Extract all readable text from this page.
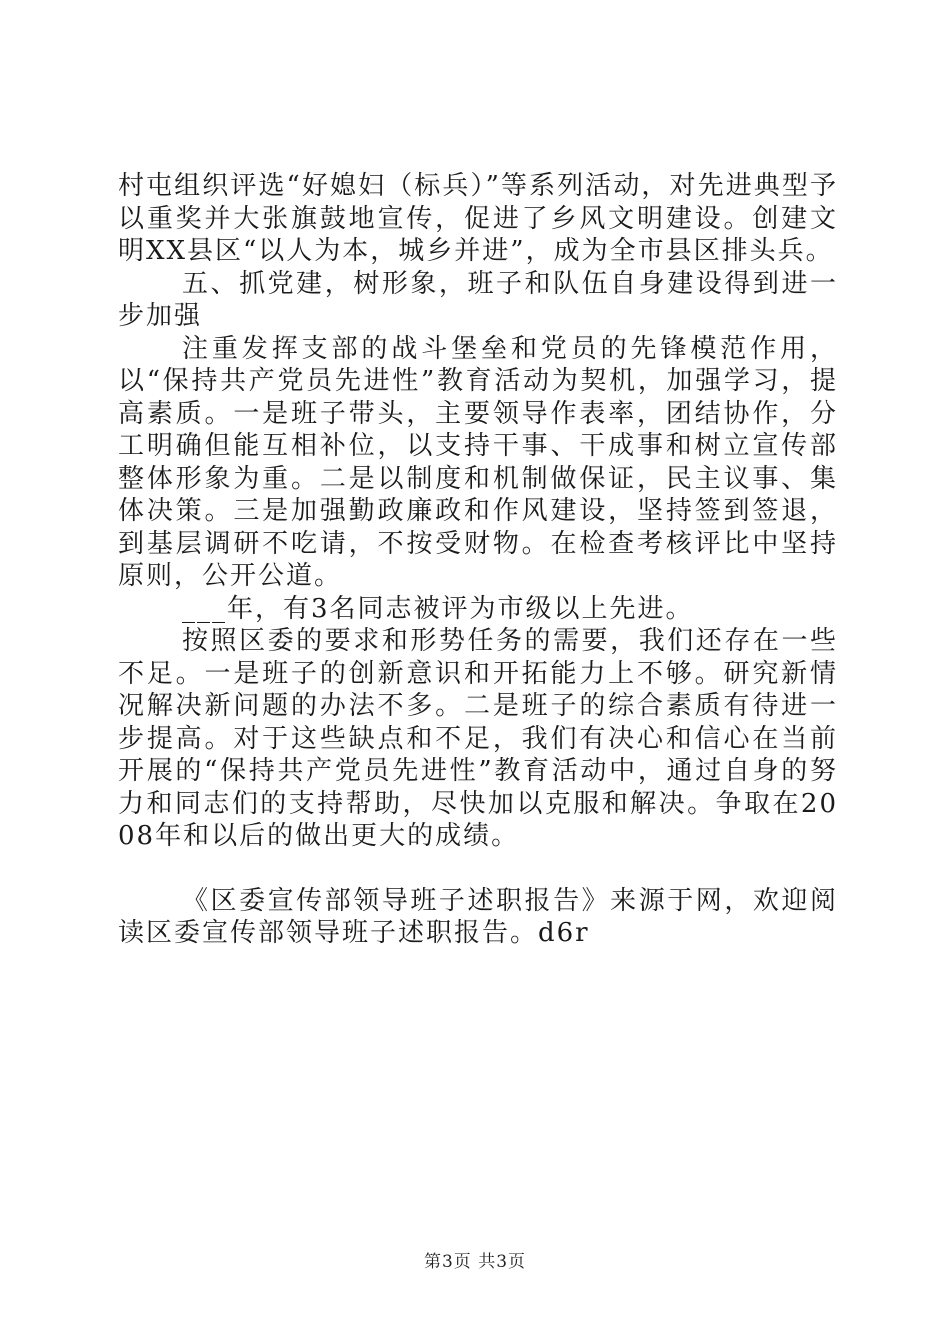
村屯组织评选“好媳妇（标兵）”等系列活动，对先进典型予以重奖并大张旗鼓地宣传，促进了乡风文明建设。创建文明XX县区“以人为本，城乡并进”，成为全市县区排头兵。

五、抓党建，树形象，班子和队伍自身建设得到进一步加强

注重发挥支部的战斗堡垒和党员的先锋模范作用，以“保持共产党员先进性”教育活动为契机，加强学习，提高素质。一是班子带头，主要领导作表率，团结协作，分工明确但能互相补位，以支持干事、干成事和树立宣传部整体形象为重。二是以制度和机制做保证，民主议事、集体决策。三是加强勤政廉政和作风建设，坚持签到签退，到基层调研不吃请，不按受财物。在检查考核评比中坚持原则，公开公道。

___年，有3名同志被评为市级以上先进。

按照区委的要求和形势任务的需要，我们还存在一些不足。一是班子的创新意识和开拓能力上不够。研究新情况解决新问题的办法不多。二是班子的综合素质有待进一步提高。对于这些缺点和不足，我们有决心和信心在当前开展的“保持共产党员先进性”教育活动中，通过自身的努力和同志们的支持帮助，尽快加以克服和解决。争取在2008年和以后的做出更大的成绩。

《区委宣传部领导班子述职报告》来源于网，欢迎阅读区委宣传部领导班子述职报告。d6r

第3页 共3页
